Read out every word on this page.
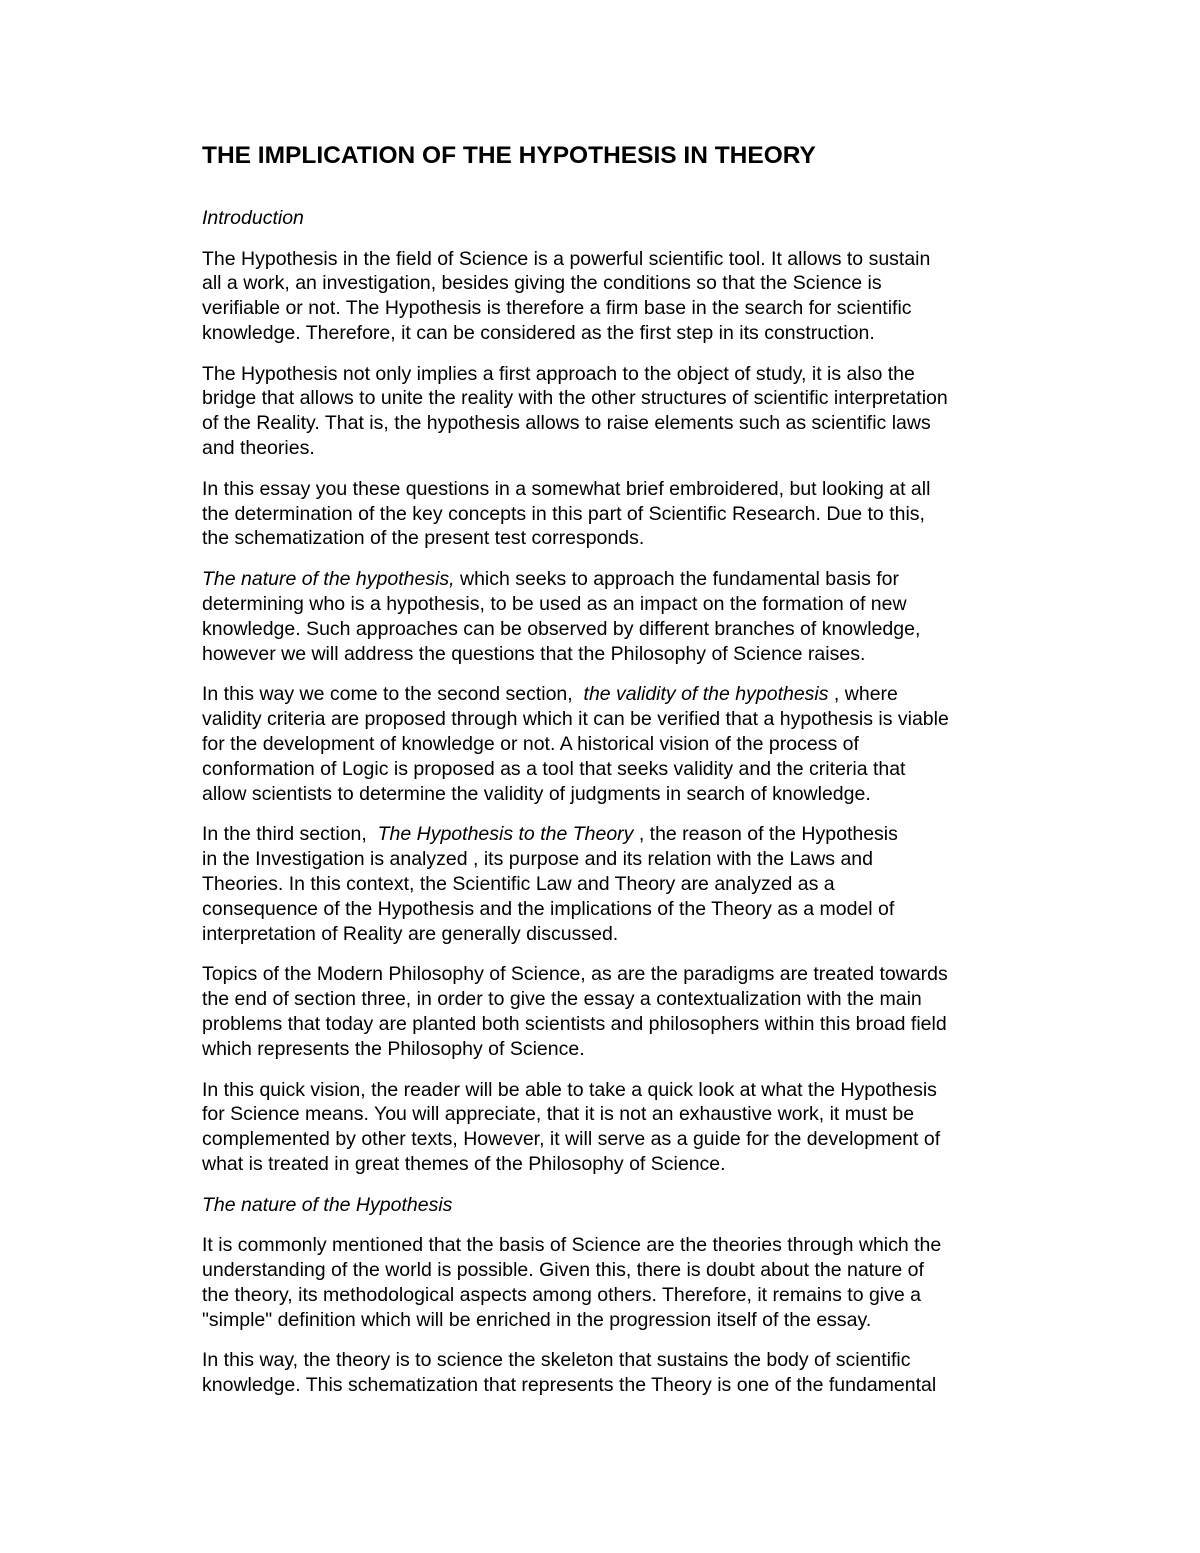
THE IMPLICATION OF THE HYPOTHESIS IN THEORY
Introduction

The Hypothesis in the field of Science is a powerful scientific tool. It allows to sustain
all a work, an investigation, besides giving the conditions so that the Science is
verifiable or not. The Hypothesis is therefore a firm base in the search for scientific
knowledge. Therefore, it can be considered as the first step in its construction.

The Hypothesis not only implies a first approach to the object of study, it is also the
bridge that allows to unite the reality with the other structures of scientific interpretation
of the Reality. That is, the hypothesis allows to raise elements such as scientific laws
and theories.

In this essay you these questions in a somewhat brief embroidered, but looking at all
the determination of the key concepts in this part of Scientific Research. Due to this,
the schematization of the present test corresponds.

The nature of the hypothesis, which seeks to approach the fundamental basis for
determining who is a hypothesis, to be used as an impact on the formation of new
knowledge. Such approaches can be observed by different branches of knowledge,
however we will address the questions that the Philosophy of Science raises.

In this way we come to the second section,  the validity of the hypothesis , where
validity criteria are proposed through which it can be verified that a hypothesis is viable
for the development of knowledge or not. A historical vision of the process of
conformation of Logic is proposed as a tool that seeks validity and the criteria that
allow scientists to determine the validity of judgments in search of knowledge.

In the third section,  The Hypothesis to the Theory , the reason of the Hypothesis
in the Investigation is analyzed , its purpose and its relation with the Laws and
Theories. In this context, the Scientific Law and Theory are analyzed as a
consequence of the Hypothesis and the implications of the Theory as a model of
interpretation of Reality are generally discussed.

Topics of the Modern Philosophy of Science, as are the paradigms are treated towards
the end of section three, in order to give the essay a contextualization with the main
problems that today are planted both scientists and philosophers within this broad field
which represents the Philosophy of Science.

In this quick vision, the reader will be able to take a quick look at what the Hypothesis
for Science means. You will appreciate, that it is not an exhaustive work, it must be
complemented by other texts, However, it will serve as a guide for the development of
what is treated in great themes of the Philosophy of Science.

The nature of the Hypothesis

It is commonly mentioned that the basis of Science are the theories through which the
understanding of the world is possible. Given this, there is doubt about the nature of
the theory, its methodological aspects among others. Therefore, it remains to give a
"simple" definition which will be enriched in the progression itself of the essay.

In this way, the theory is to science the skeleton that sustains the body of scientific
knowledge. This schematization that represents the Theory is one of the fundamental
